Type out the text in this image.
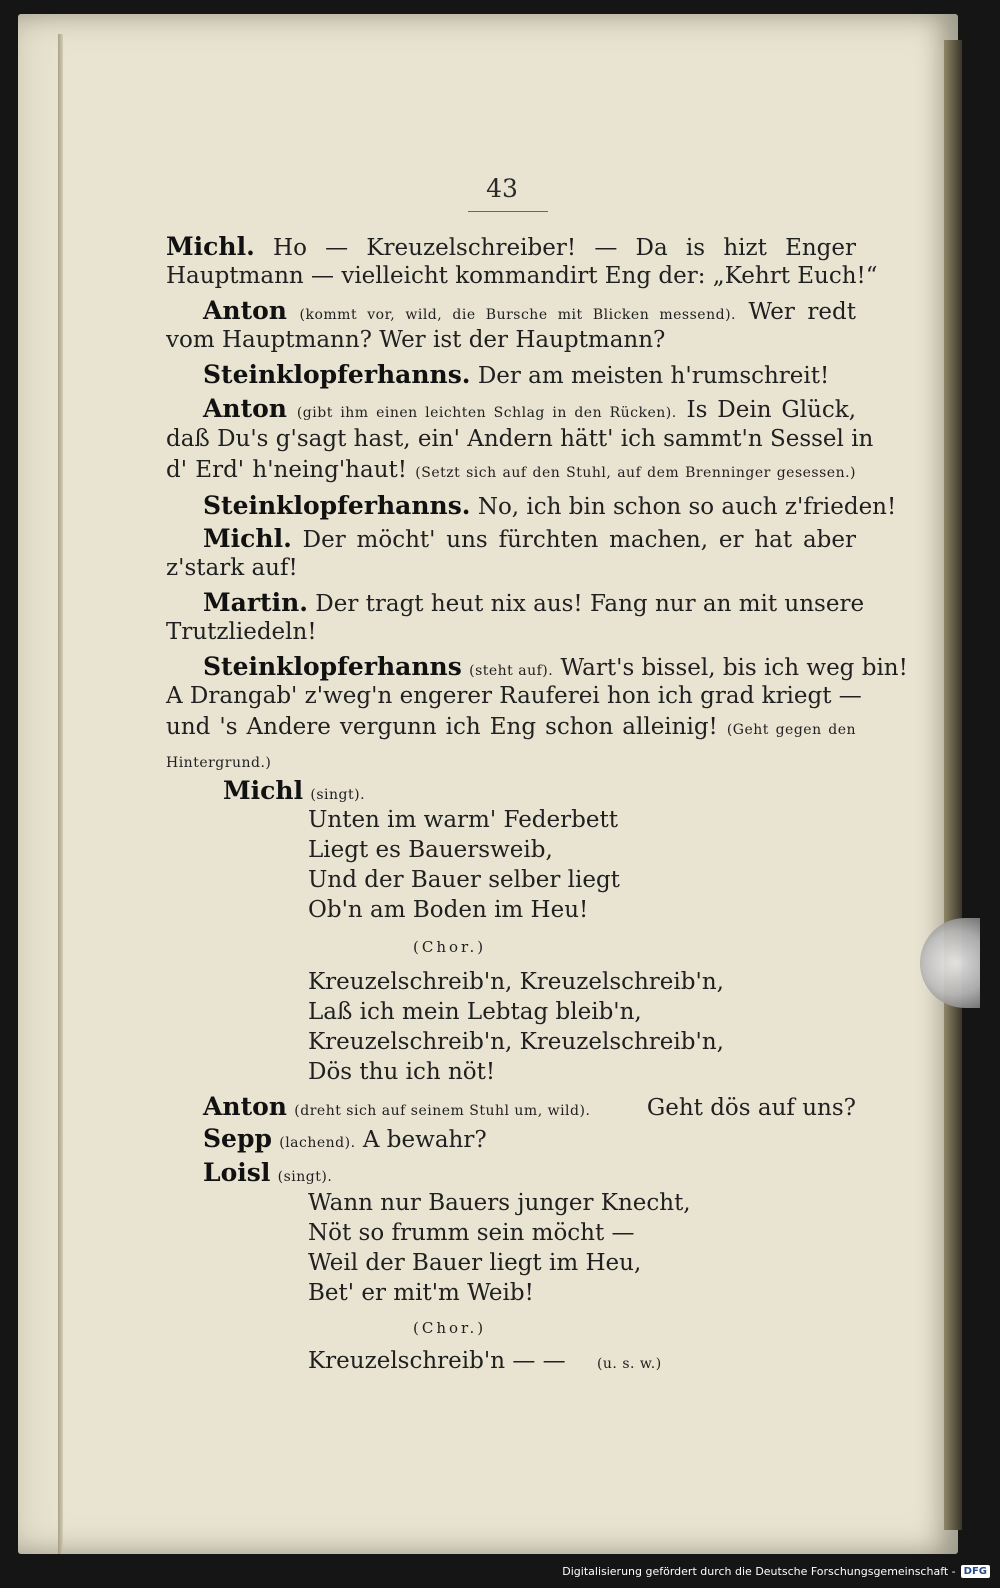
43
Michl. Ho — Kreuzelschreiber! — Da is hizt Enger
Hauptmann — vielleicht kommandirt Eng der: „Kehrt Euch!“
Anton (kommt vor, wild, die Bursche mit Blicken messend). Wer redt
vom Hauptmann? Wer ist der Hauptmann?
Steinklopferhanns. Der am meisten h'rumschreit!
Anton (gibt ihm einen leichten Schlag in den Rücken). Is Dein Glück,
daß Du's g'sagt hast, ein' Andern hätt' ich sammt'n Sessel in
d' Erd' h'neing'haut! (Setzt sich auf den Stuhl, auf dem Brenninger gesessen.)
Steinklopferhanns. No, ich bin schon so auch z'frieden!
Michl. Der möcht' uns fürchten machen, er hat aber
z'stark auf!
Martin. Der tragt heut nix aus! Fang nur an mit unsere
Trutzliedeln!
Steinklopferhanns (steht auf). Wart's bissel, bis ich weg bin!
A Drangab' z'weg'n engerer Rauferei hon ich grad kriegt —
und 's Andere vergunn ich Eng schon alleinig! (Geht gegen den
Hintergrund.)
Michl (singt).
Unten im warm' Federbett
Liegt es Bauersweib,
Und der Bauer selber liegt
Ob'n am Boden im Heu!
(Chor.)
Kreuzelschreib'n, Kreuzelschreib'n,
Laß ich mein Lebtag bleib'n,
Kreuzelschreib'n, Kreuzelschreib'n,
Dös thu ich nöt!
Anton (dreht sich auf seinem Stuhl um, wild). Geht dös auf uns?
Sepp (lachend). A bewahr?
Loisl (singt).
Wann nur Bauers junger Knecht,
Nöt so frumm sein möcht —
Weil der Bauer liegt im Heu,
Bet' er mit'm Weib!
(Chor.)
Kreuzelschreib'n — — (u. s. w.)
Digitalisierung gefördert durch die Deutsche Forschungsgemeinschaft - DFG
